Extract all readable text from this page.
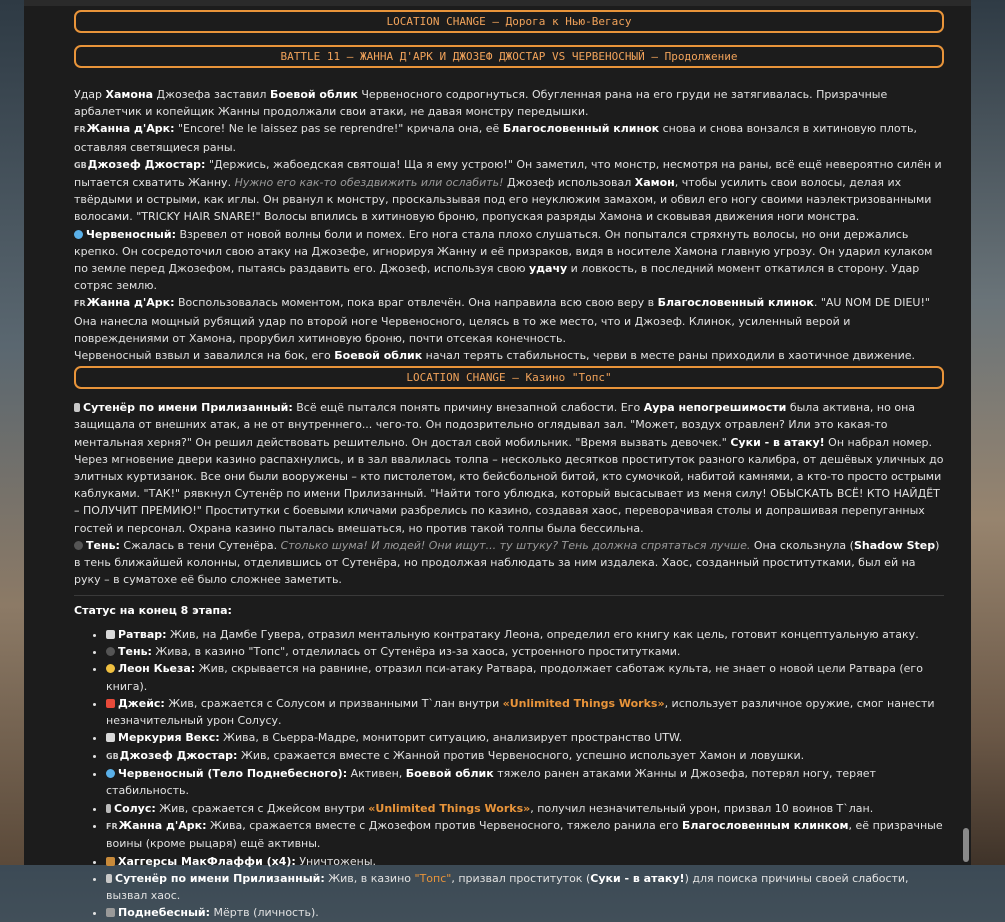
LOCATION CHANGE – Дорога к Нью-Вегасу
BATTLE 11 – ЖАННА Д'АРК И ДЖОЗЕФ ДЖОСТАР VS ЧЕРВЕНОСНЫЙ – Продолжение

Удар Хамона Джозефа заставил Боевой облик Червеносного содрогнуться. Обугленная рана на его груди не затягивалась. Призрачные арбалетчик и копейщик Жанны продолжали свои атаки, не давая монстру передышки.

FRЖанна д'Арк: "Encore! Ne le laissez pas se reprendre!" кричала она, её Благословенный клинок снова и снова вонзался в хитиновую плоть, оставляя светящиеся раны.

GBДжозеф Джостар: "Держись, жабоедская святоша! Ща я ему устрою!" Он заметил, что монстр, несмотря на раны, всё ещё невероятно силён и пытается схватить Жанну. Нужно его как-то обездвижить или ослабить! Джозеф использовал Хамон, чтобы усилить свои волосы, делая их твёрдыми и острыми, как иглы. Он рванул к монстру, проскальзывая под его неуклюжим замахом, и обвил его ногу своими наэлектризованными волосами. "TRICKY HAIR SNARE!" Волосы впились в хитиновую броню, пропуская разряды Хамона и сковывая движения ноги монстра.

Червеносный: Взревел от новой волны боли и помех. Его нога стала плохо слушаться. Он попытался стряхнуть волосы, но они держались крепко. Он сосредоточил свою атаку на Джозефе, игнорируя Жанну и её призраков, видя в носителе Хамона главную угрозу. Он ударил кулаком по земле перед Джозефом, пытаясь раздавить его. Джозеф, используя свою удачу и ловкость, в последний момент откатился в сторону. Удар сотряс землю.

FRЖанна д'Арк: Воспользовалась моментом, пока враг отвлечён. Она направила всю свою веру в Благословенный клинок. "AU NOM DE DIEU!" Она нанесла мощный рубящий удар по второй ноге Червеносного, целясь в то же место, что и Джозеф. Клинок, усиленный верой и повреждениями от Хамона, прорубил хитиновую броню, почти отсекая конечность.

Червеносный взвыл и завалился на бок, его Боевой облик начал терять стабильность, черви в месте раны приходили в хаотичное движение.

LOCATION CHANGE – Казино "Топс"

Сутенёр по имени Прилизанный: Всё ещё пытался понять причину внезапной слабости. Его Аура непогрешимости была активна, но она защищала от внешних атак, а не от внутреннего... чего-то. Он подозрительно оглядывал зал. "Может, воздух отравлен? Или это какая-то ментальная херня?" Он решил действовать решительно. Он достал свой мобильник. "Время вызвать девочек." Суки - в атаку! Он набрал номер. Через мгновение двери казино распахнулись, и в зал ввалилась толпа – несколько десятков проституток разного калибра, от дешёвых уличных до элитных куртизанок. Все они были вооружены – кто пистолетом, кто бейсбольной битой, кто сумочкой, набитой камнями, а кто-то просто острыми каблуками. "ТАК!" рявкнул Сутенёр по имени Прилизанный. "Найти того ублюдка, который высасывает из меня силу! ОБЫСКАТЬ ВСЁ! КТО НАЙДЁТ – ПОЛУЧИТ ПРЕМИЮ!" Проститутки с боевыми кличами разбрелись по казино, создавая хаос, переворачивая столы и допрашивая перепуганных гостей и персонал. Охрана казино пыталась вмешаться, но против такой толпы была бессильна.

Тень: Сжалась в тени Сутенёра. Столько шума! И людей! Они ищут... ту штуку? Тень должна спрятаться лучше. Она скользнула (Shadow Step) в тень ближайшей колонны, отделившись от Сутенёра, но продолжая наблюдать за ним издалека. Хаос, созданный проститутками, был ей на руку – в суматохе её было сложнее заметить.

Статус на конец 8 этапа:

• Ратвар: Жив, на Дамбе Гувера, отразил ментальную контратаку Леона, определил его книгу как цель, готовит концептуальную атаку.
• Тень: Жива, в казино "Топс", отделилась от Сутенёра из-за хаоса, устроенного проститутками.
• Леон Кьеза: Жив, скрывается на равнине, отразил пси-атаку Ратвара, продолжает саботаж культа, не знает о новой цели Ратвара (его книга).
• Джейс: Жив, сражается с Солусом и призванными Т`лан внутри «Unlimited Things Works», использует различное оружие, смог нанести незначительный урон Солусу.
• Меркурия Векс: Жива, в Сьерра-Мадре, мониторит ситуацию, анализирует пространство UTW.
• GBДжозеф Джостар: Жив, сражается вместе с Жанной против Червеносного, успешно использует Хамон и ловушки.
• Червеносный (Тело Поднебесного): Активен, Боевой облик тяжело ранен атаками Жанны и Джозефа, потерял ногу, теряет стабильность.
• Солус: Жив, сражается с Джейсом внутри «Unlimited Things Works», получил незначительный урон, призвал 10 воинов Т`лан.
• FRЖанна д'Арк: Жива, сражается вместе с Джозефом против Червеносного, тяжело ранила его Благословенным клинком, её призрачные воины (кроме рыцаря) ещё активны.
• Хаггерсы МакФлаффи (x4): Уничтожены.
• Сутенёр по имени Прилизанный: Жив, в казино "Топс", призвал проституток (Суки - в атаку!) для поиска причины своей слабости, вызвал хаос.
• Поднебесный: Мёртв (личность).
